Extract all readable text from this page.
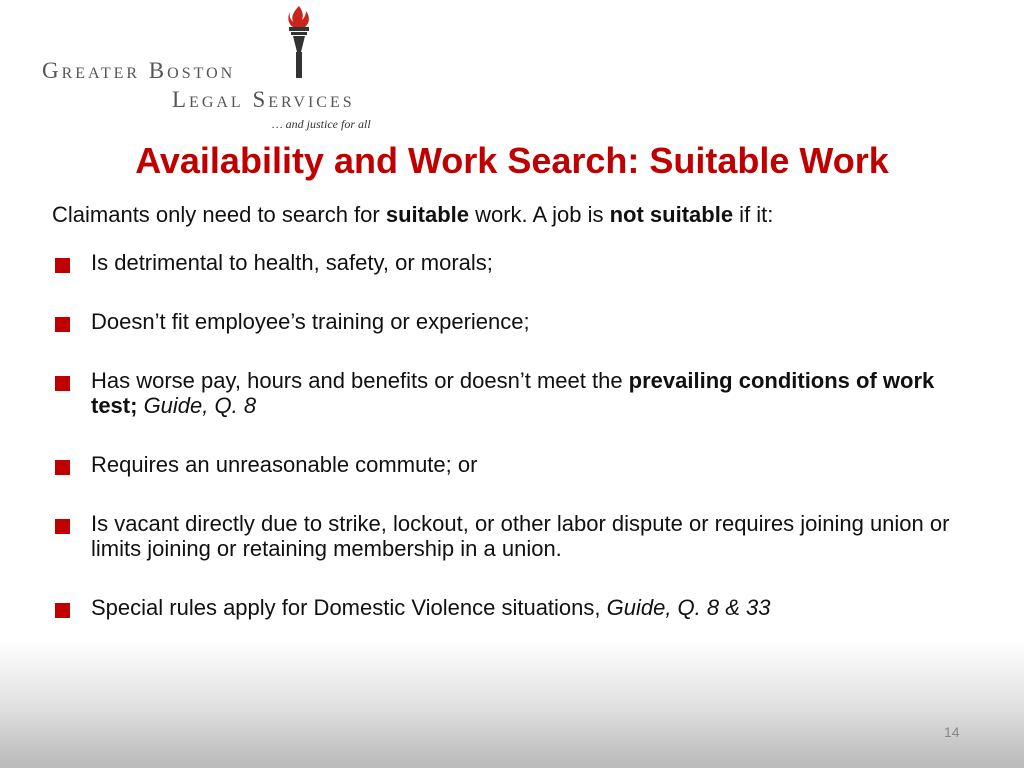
Greater Boston
Legal Services
… and justice for all
Availability and Work Search: Suitable Work

Claimants only need to search for suitable work. A job is not suitable if it:

Is detrimental to health, safety, or morals;
Doesn’t fit employee’s training or experience;
Has worse pay, hours and benefits or doesn’t meet the prevailing conditions of work test; Guide, Q. 8
Requires an unreasonable commute; or
Is vacant directly due to strike, lockout, or other labor dispute or requires joining union or limits joining or retaining membership in a union.
Special rules apply for Domestic Violence situations, Guide, Q. 8 & 33
14
